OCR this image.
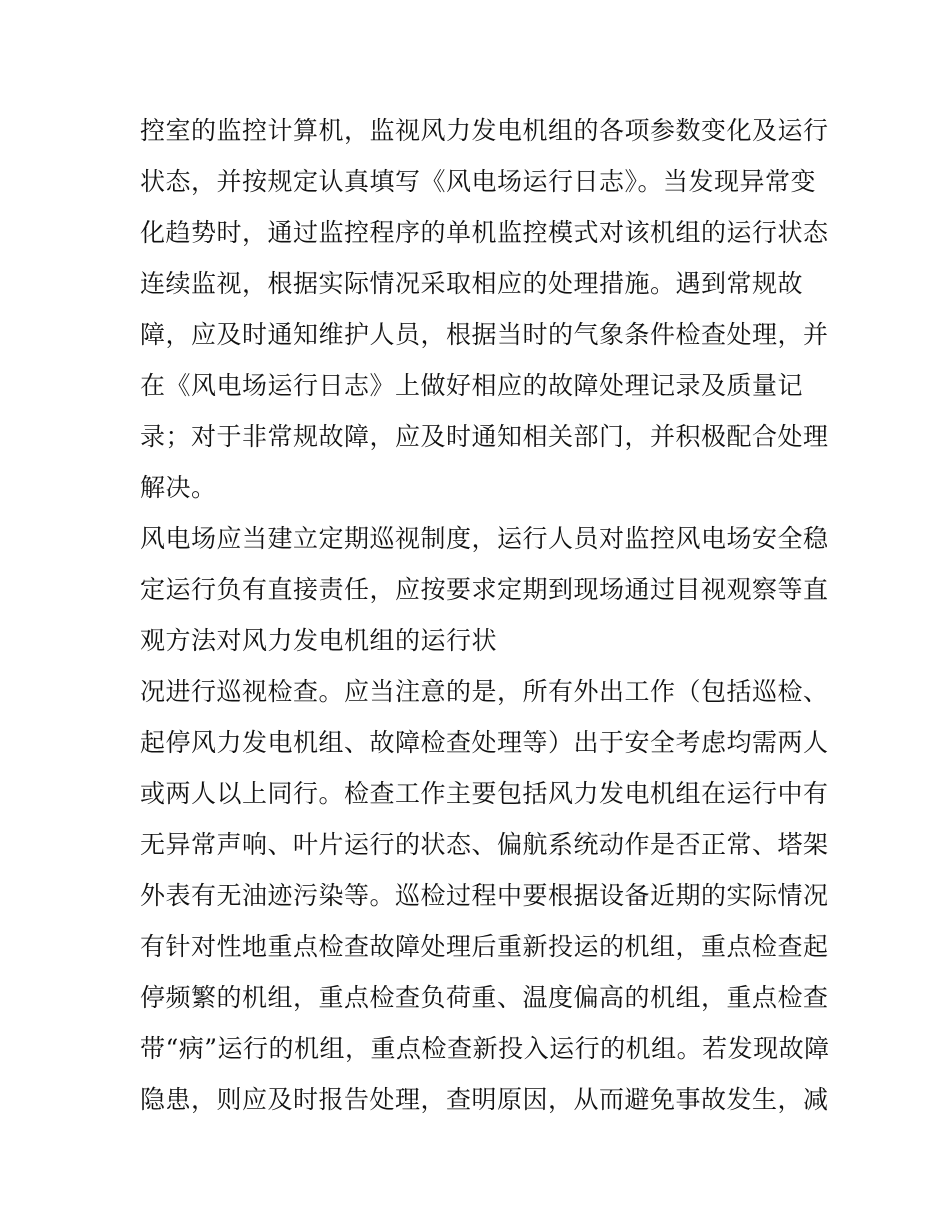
控室的监控计算机，监视风力发电机组的各项参数变化及运行
状态，并按规定认真填写《风电场运行日志》。当发现异常变
化趋势时，通过监控程序的单机监控模式对该机组的运行状态
连续监视，根据实际情况采取相应的处理措施。遇到常规故
障，应及时通知维护人员，根据当时的气象条件检查处理，并
在《风电场运行日志》上做好相应的故障处理记录及质量记
录；对于非常规故障，应及时通知相关部门，并积极配合处理
解决。
风电场应当建立定期巡视制度，运行人员对监控风电场安全稳
定运行负有直接责任，应按要求定期到现场通过目视观察等直
观方法对风力发电机组的运行状
况进行巡视检查。应当注意的是，所有外出工作（包括巡检、
起停风力发电机组、故障检查处理等）出于安全考虑均需两人
或两人以上同行。检查工作主要包括风力发电机组在运行中有
无异常声响、叶片运行的状态、偏航系统动作是否正常、塔架
外表有无油迹污染等。巡检过程中要根据设备近期的实际情况
有针对性地重点检查故障处理后重新投运的机组，重点检查起
停频繁的机组，重点检查负荷重、温度偏高的机组，重点检查
带“病”运行的机组，重点检查新投入运行的机组。若发现故障
隐患，则应及时报告处理，查明原因，从而避免事故发生，减
